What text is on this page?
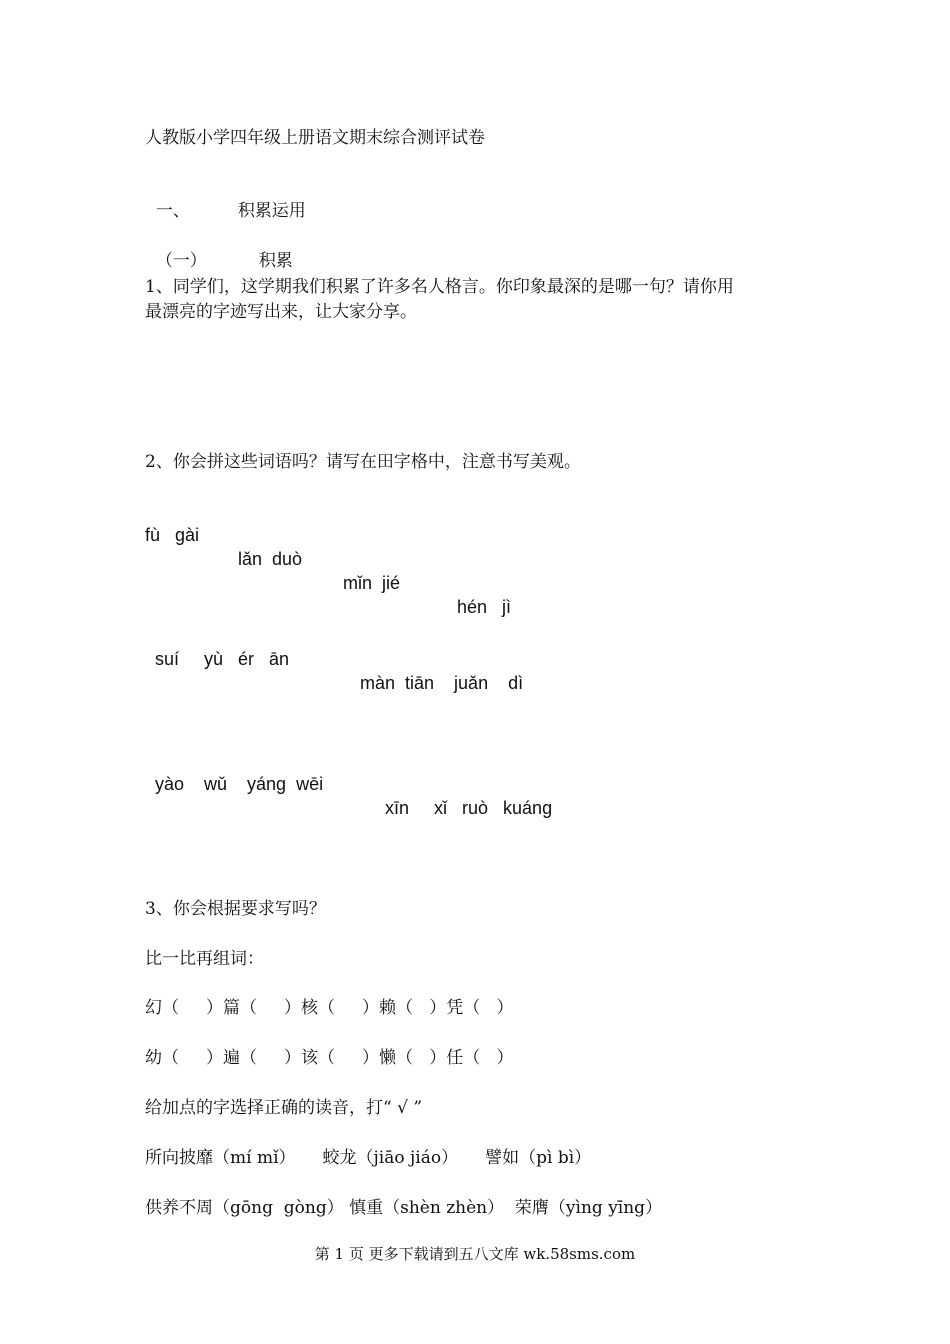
人教版小学四年级上册语文期末综合测评试卷

一、	积累运用

（一）	积累

1、同学们，这学期我们积累了许多名人格言。你印象最深的是哪一句？请你用
最漂亮的字迹写出来，让大家分享。
2、你会拼这些词语吗？请写在田字格中，注意书写美观。

fù   gài

lǎn  duò

mǐn  jié

hén   jì

suí     yù   ér   ān

màn  tiān    juǎn    dì

yào    wǔ    yáng  wēi

xīn     xǐ   ruò   kuáng

3、你会根据要求写吗？
比一比再组词：
幻（     ）篇（     ）核（     ）赖（   ）凭（   ）
幼（     ）遍（     ）该（     ）懒（   ）任（   ）
给加点的字选择正确的读音，打“ √ ”
所向披靡（mí mǐ）     蛟龙（jiāo jiáo）     譬如（pì bì）
供养不周（gōng  gòng） 慎重（shèn zhèn）  荣膺（yìng yīng）
第 1 页 更多下载请到五八文库 wk.58sms.com
